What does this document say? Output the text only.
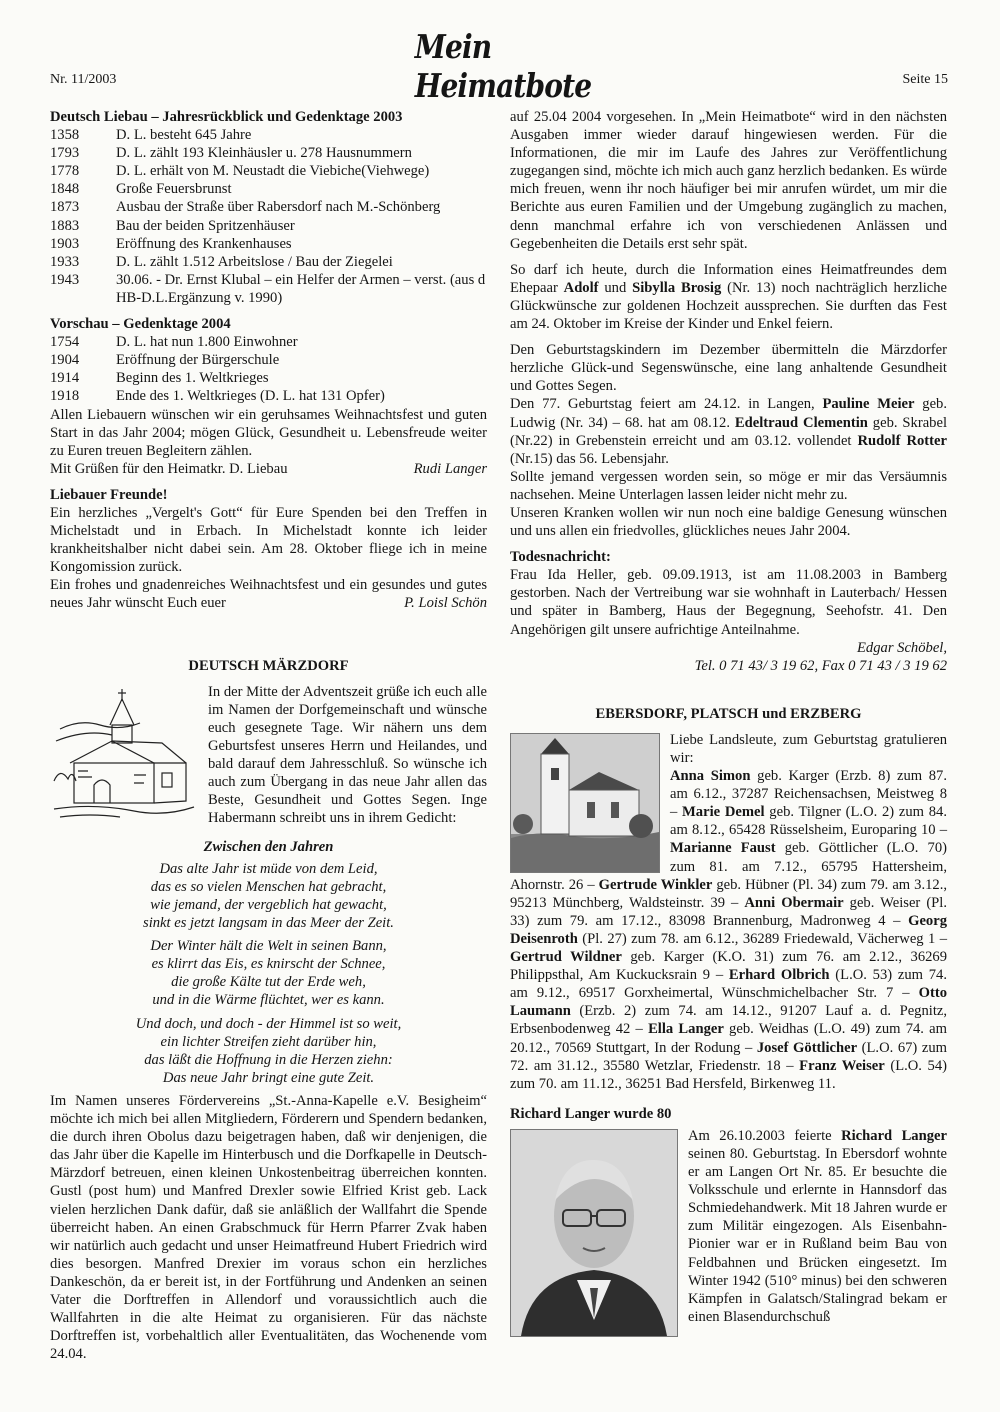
Nr. 11/2003
Mein Heimatbote	Seite 15

Deutsch Liebau – Jahresrückblick und Gedenktage 2003

1358	D. L. besteht 645 Jahre
1793	D. L. zählt 193 Kleinhäusler u. 278 Hausnummern
1778	D. L. erhält von M. Neustadt die Viebiche(Viehwege)
1848	Große Feuersbrunst
1873	Ausbau der Straße über Rabersdorf nach M.-Schönberg
1883	Bau der beiden Spritzenhäuser
1903	Eröffnung des Krankenhauses
1933	D. L. zählt 1.512 Arbeitslose / Bau der Ziegelei
1943	30.06. - Dr. Ernst Klubal – ein Helfer der Armen – verst. (aus d HB-D.L.Ergänzung v. 1990)

Vorschau – Gedenktage 2004

1754	D. L. hat nun 1.800 Einwohner
1904	Eröffnung der Bürgerschule
1914	Beginn des 1. Weltkrieges
1918	Ende des 1. Weltkrieges (D. L. hat 131 Opfer)

Allen Liebauern wünschen wir ein geruhsames Weihnachtsfest und guten Start in das Jahr 2004; mögen Glück, Gesundheit u. Lebensfreude weiter zu Euren treuen Begleitern zählen.

Mit Grüßen für den Heimatkr. D. Liebau	Rudi Langer

Liebauer Freunde!

Ein herzliches „Vergelt's Gott“ für Eure Spenden bei den Treffen in Michelstadt und in Erbach. In Michelstadt konnte ich leider krankheitshalber nicht dabei sein. Am 28. Oktober fliege ich in meine Kongomission zurück.

Ein frohes und gnadenreiches Weihnachtsfest und ein gesundes und gutes neues Jahr wünscht Euch euer	P. Loisl Schön

DEUTSCH MÄRZDORF

In der Mitte der Adventszeit grüße ich euch alle im Namen der Dorfgemeinschaft und wünsche euch gesegnete Tage. Wir nähern uns dem Geburtsfest unseres Herrn und Heilandes, und bald darauf dem Jahresschluß. So wünsche ich auch zum Übergang in das neue Jahr allen das Beste, Gesundheit und Gottes Segen. Inge Habermann schreibt uns in ihrem Gedicht:

Zwischen den Jahren

Das alte Jahr ist müde von dem Leid,
das es so vielen Menschen hat gebracht,
wie jemand, der vergeblich hat gewacht,
sinkt es jetzt langsam in das Meer der Zeit.
Der Winter hält die Welt in seinen Bann,
es klirrt das Eis, es knirscht der Schnee,
die große Kälte tut der Erde weh,
und in die Wärme flüchtet, wer es kann.
Und doch, und doch - der Himmel ist so weit,
ein lichter Streifen zieht darüber hin,
das läßt die Hoffnung in die Herzen ziehn:
Das neue Jahr bringt eine gute Zeit.

Im Namen unseres Fördervereins „St.-Anna-Kapelle e.V. Besigheim“ möchte ich mich bei allen Mitgliedern, Förderern und Spendern bedanken, die durch ihren Obolus dazu beigetragen haben, daß wir denjenigen, die das Jahr über die Kapelle im Hinterbusch und die Dorfkapelle in Deutsch-Märzdorf betreuen, einen kleinen Unkostenbeitrag überreichen konnten. Gustl (post hum) und Manfred Drexler sowie Elfried Krist geb. Lack vielen herzlichen Dank dafür, daß sie anläßlich der Wallfahrt die Spende überreicht haben. An einen Grabschmuck für Herrn Pfarrer Zvak haben wir natürlich auch gedacht und unser Heimatfreund Hubert Friedrich wird dies besorgen. Manfred Drexier im voraus schon ein herzliches Dankeschön, da er bereit ist, in der Fortführung und Andenken an seinen Vater die Dorftreffen in Allendorf und voraussichtlich auch die Wallfahrten in die alte Heimat zu organisieren. Für das nächste Dorftreffen ist, vorbehaltlich aller Eventualitäten, das Wochenende vom 24.04.

auf 25.04 2004 vorgesehen. In „Mein Heimatbote“ wird in den nächsten Ausgaben immer wieder darauf hingewiesen werden. Für die Informationen, die mir im Laufe des Jahres zur Veröffentlichung zugegangen sind, möchte ich mich auch ganz herzlich bedanken. Es würde mich freuen, wenn ihr noch häufiger bei mir anrufen würdet, um mir die Berichte aus euren Familien und der Umgebung zugänglich zu machen, denn manchmal erfahre ich von verschiedenen Anlässen und Gegebenheiten die Details erst sehr spät.

So darf ich heute, durch die Information eines Heimatfreundes dem Ehepaar Adolf und Sibylla Brosig (Nr. 13) noch nachträglich herzliche Glückwünsche zur goldenen Hochzeit aussprechen. Sie durften das Fest am 24. Oktober im Kreise der Kinder und Enkel feiern.

Den Geburtstagskindern im Dezember übermitteln die Märzdorfer herzliche Glück-und Segenswünsche, eine lang anhaltende Gesundheit und Gottes Segen.

Den 77. Geburtstag feiert am 24.12. in Langen, Pauline Meier geb. Ludwig (Nr. 34) – 68. hat am 08.12. Edeltraud Clementin geb. Skrabel (Nr.22) in Grebenstein erreicht und am 03.12. vollendet Rudolf Rotter (Nr.15) das 56. Lebensjahr.

Sollte jemand vergessen worden sein, so möge er mir das Versäumnis nachsehen. Meine Unterlagen lassen leider nicht mehr zu.

Unseren Kranken wollen wir nun noch eine baldige Genesung wünschen und uns allen ein friedvolles, glückliches neues Jahr 2004.

Todesnachricht:

Frau Ida Heller, geb. 09.09.1913, ist am 11.08.2003 in Bamberg gestorben. Nach der Vertreibung war sie wohnhaft in Lauterbach/ Hessen und später in Bamberg, Haus der Begegnung, Seehofstr. 41. Den Angehörigen gilt unsere aufrichtige Anteilnahme.

Edgar Schöbel,
Tel. 0 71 43/ 3 19 62, Fax 0 71 43 / 3 19 62

EBERSDORF, PLATSCH und ERZBERG

Liebe Landsleute, zum Geburtstag gratulieren wir:

Anna Simon geb. Karger (Erzb. 8) zum 87. am 6.12., 37287 Reichensachsen, Meistweg 8 – Marie Demel geb. Tilgner (L.O. 2) zum 84. am 8.12., 65428 Rüsselsheim, Europaring 10 – Marianne Faust geb. Göttlicher (L.O. 70) zum 81. am 7.12., 65795 Hattersheim, Ahornstr. 26 – Gertrude Winkler geb. Hübner (Pl. 34) zum 79. am 3.12., 95213 Münchberg, Waldsteinstr. 39 – Anni Obermair geb. Weiser (Pl. 33) zum 79. am 17.12., 83098 Brannenburg, Madronweg 4 – Georg Deisenroth (Pl. 27) zum 78. am 6.12., 36289 Friedewald, Vächerweg 1 – Gertrud Wildner geb. Karger (K.O. 31) zum 76. am 2.12., 36269 Philippsthal, Am Kuckucksrain 9 – Erhard Olbrich (L.O. 53) zum 74. am 9.12., 69517 Gorxheimertal, Wünschmichelbacher Str. 7 – Otto Laumann (Erzb. 2) zum 74. am 14.12., 91207 Lauf a. d. Pegnitz, Erbsenbodenweg 42 – Ella Langer geb. Weidhas (L.O. 49) zum 74. am 20.12., 70569 Stuttgart, In der Rodung – Josef Göttlicher (L.O. 67) zum 72. am 31.12., 35580 Wetzlar, Friedenstr. 18 – Franz Weiser (L.O. 54) zum 70. am 11.12., 36251 Bad Hersfeld, Birkenweg 11.

Richard Langer wurde 80

Am 26.10.2003 feierte Richard Langer seinen 80. Geburtstag. In Ebersdorf wohnte er am Langen Ort Nr. 85. Er besuchte die Volksschule und erlernte in Hannsdorf das Schmiedehandwerk. Mit 18 Jahren wurde er zum Militär eingezogen. Als Eisenbahn-Pionier war er in Rußland beim Bau von Feldbahnen und Brücken eingesetzt. Im Winter 1942 (510° minus) bei den schweren Kämpfen in Galatsch/Stalingrad bekam er einen Blasendurchschuß
